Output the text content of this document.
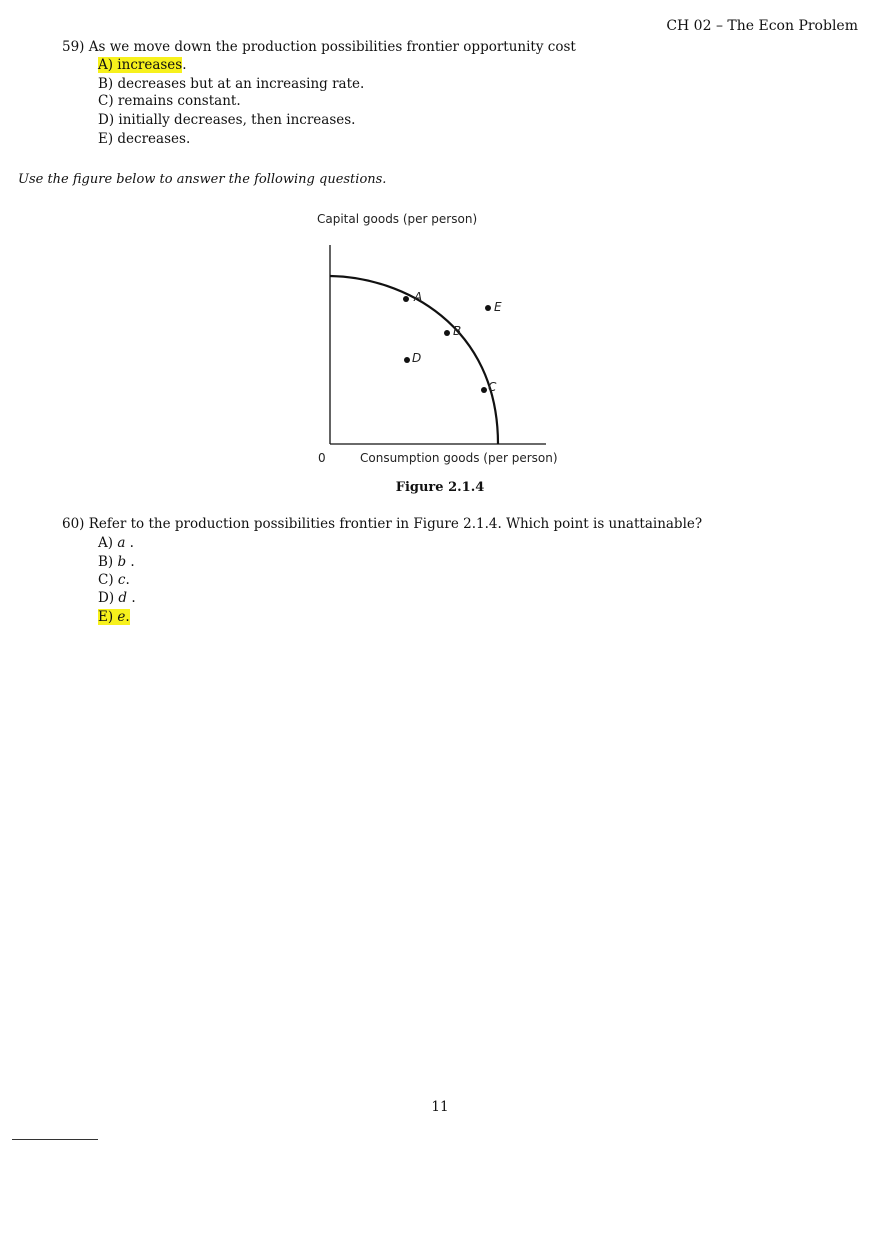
CH 02 – The Econ Problem
59) As we move down the production possibilities frontier opportunity cost
A) increases.
B) decreases but at an increasing rate.
C) remains constant.
D) initially decreases, then increases.
E) decreases.
Use the figure below to answer the following questions.
Capital goods (per person)
0	Consumption goods (per person)
A
B
C
D
E
Figure 2.1.4
60) Refer to the production possibilities frontier in Figure 2.1.4. Which point is unattainable?
A) a .
B) b .
C) c.
D) d .
E) e.
11
